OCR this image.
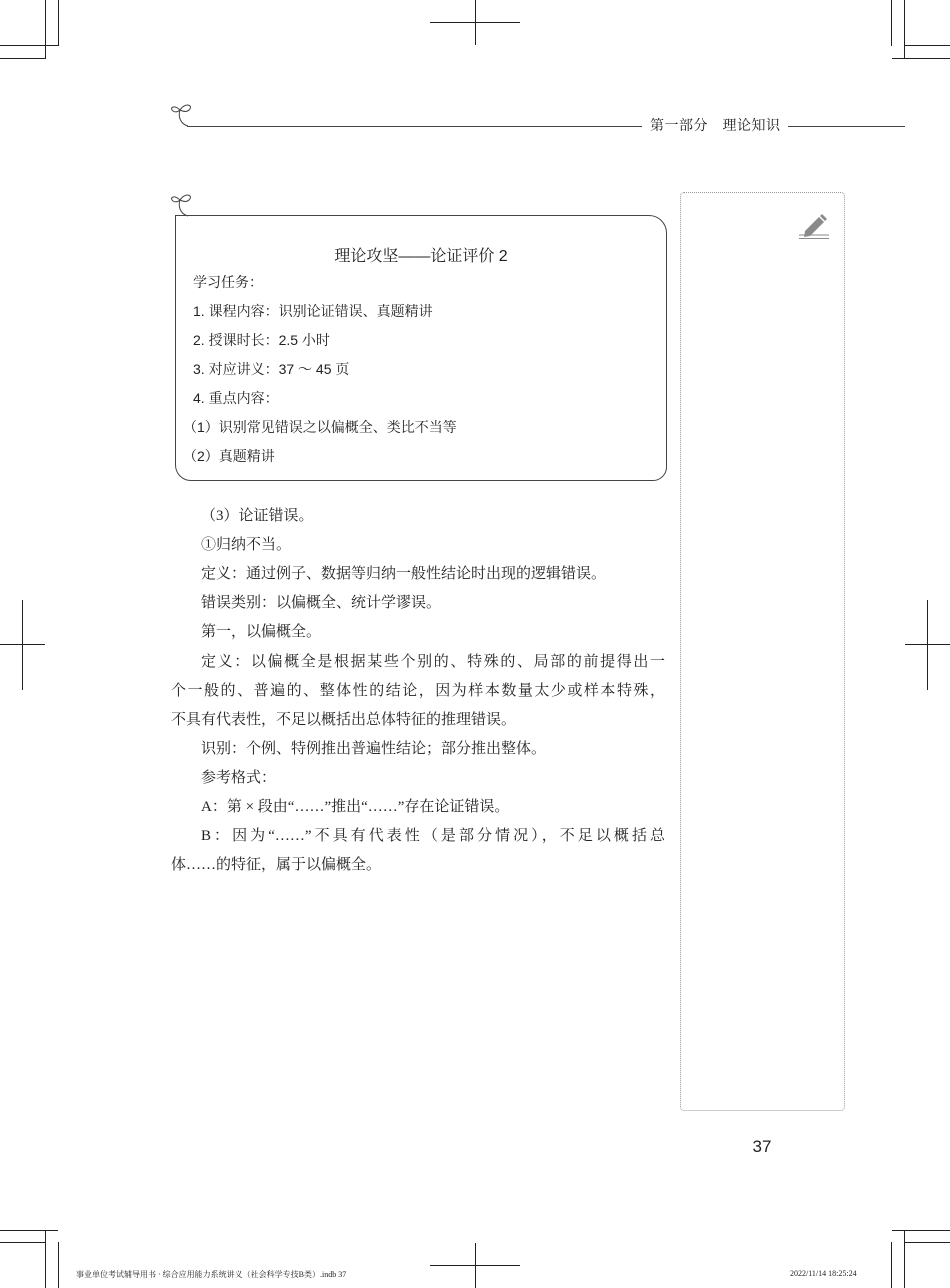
第一部分　理论知识
理论攻坚——论证评价 2
学习任务：
1. 课程内容：识别论证错误、真题精讲
2. 授课时长：2.5 小时
3. 对应讲义：37 ～ 45 页
4. 重点内容：
（1）识别常见错误之以偏概全、类比不当等
（2）真题精讲
（3）论证错误。
①归纳不当。
定义：通过例子、数据等归纳一般性结论时出现的逻辑错误。
错误类别：以偏概全、统计学谬误。
第一，以偏概全。
定义：以偏概全是根据某些个别的、特殊的、局部的前提得出一
个一般的、普遍的、整体性的结论，因为样本数量太少或样本特殊，
不具有代表性，不足以概括出总体特征的推理错误。
识别：个例、特例推出普遍性结论；部分推出整体。
参考格式：
A：第 × 段由“……”推出“……”存在论证错误。
B：因为“……”不具有代表性（是部分情况），不足以概括总
体……的特征，属于以偏概全。
37
事业单位考试辅导用书 · 综合应用能力系统讲义（社会科学专技B类）.indb 37	2022/11/14 18:25:24
